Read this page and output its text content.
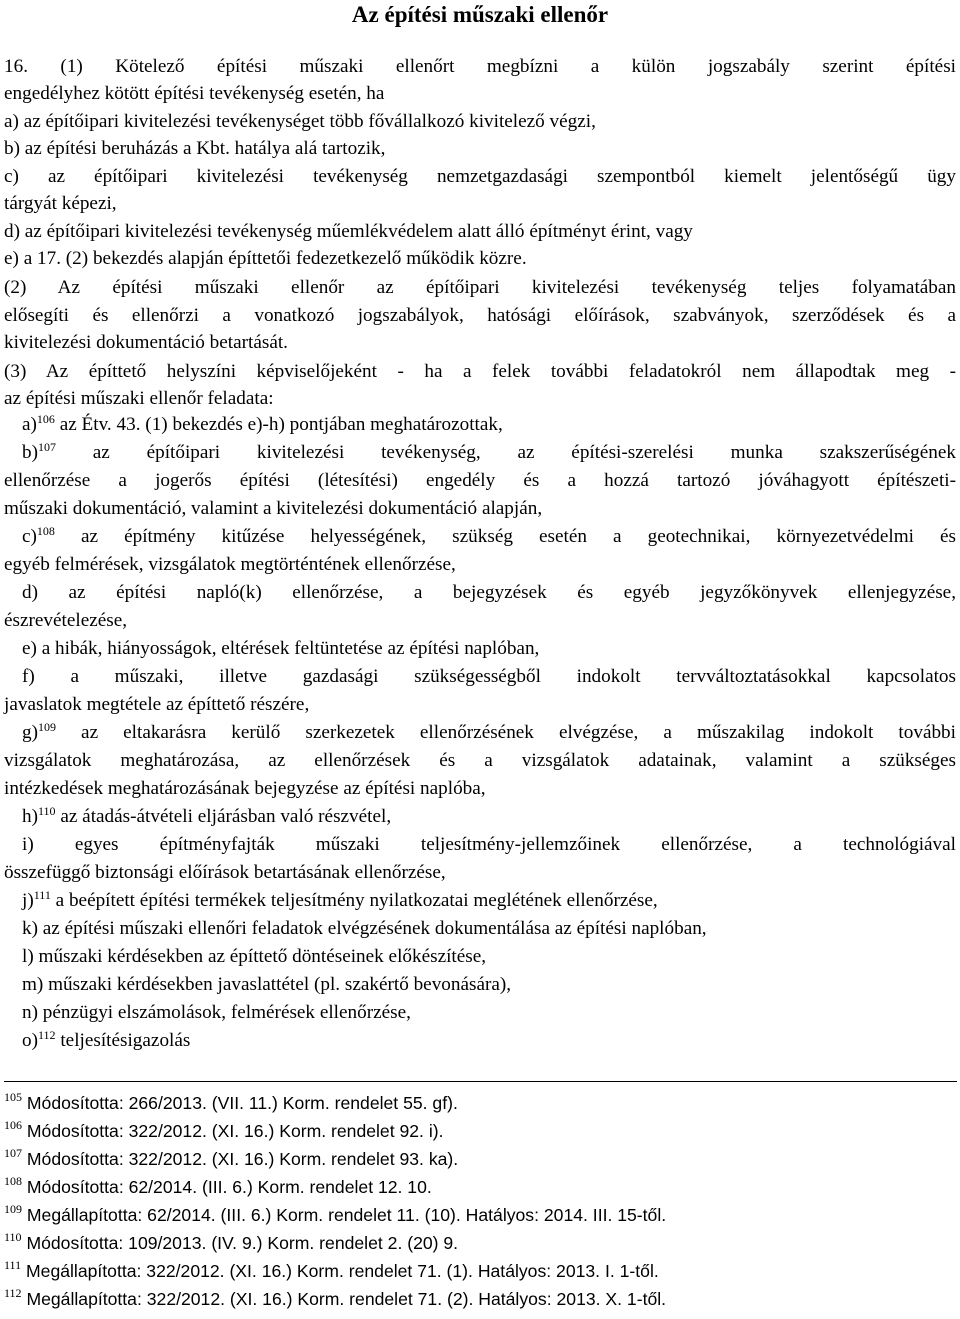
Az építési műszaki ellenőr
16. (1) Kötelező építési műszaki ellenőrt megbízni a külön jogszabály szerint építési
engedélyhez kötött építési tevékenység esetén, ha
a) az építőipari kivitelezési tevékenységet több fővállalkozó kivitelező végzi,
b) az építési beruházás a Kbt. hatálya alá tartozik,
c) az építőipari kivitelezési tevékenység nemzetgazdasági szempontból kiemelt jelentőségű ügy
tárgyát képezi,
d) az építőipari kivitelezési tevékenység műemlékvédelem alatt álló építményt érint, vagy
e) a 17. (2) bekezdés alapján építtetői fedezetkezelő működik közre.
(2) Az építési műszaki ellenőr az építőipari kivitelezési tevékenység teljes folyamatában
elősegíti és ellenőrzi a vonatkozó jogszabályok, hatósági előírások, szabványok, szerződések és a
kivitelezési dokumentáció betartását.
(3) Az építtető helyszíni képviselőjeként - ha a felek további feladatokról nem állapodtak meg -
az építési műszaki ellenőr feladata:
a)$^{106}$ az Étv. 43. (1) bekezdés e)-h) pontjában meghatározottak,
b)$^{107}$ az építőipari kivitelezési tevékenység, az építési-szerelési munka szakszerűségének
ellenőrzése a jogerős építési (létesítési) engedély és a hozzá tartozó jóváhagyott építészeti-
műszaki dokumentáció, valamint a kivitelezési dokumentáció alapján,
c)$^{108}$ az építmény kitűzése helyességének, szükség esetén a geotechnikai, környezetvédelmi és
egyéb felmérések, vizsgálatok megtörténtének ellenőrzése,
d) az építési napló(k) ellenőrzése, a bejegyzések és egyéb jegyzőkönyvek ellenjegyzése,
észrevételezése,
e) a hibák, hiányosságok, eltérések feltüntetése az építési naplóban,
f) a műszaki, illetve gazdasági szükségességből indokolt tervváltoztatásokkal kapcsolatos
javaslatok megtétele az építtető részére,
g)$^{109}$ az eltakarásra kerülő szerkezetek ellenőrzésének elvégzése, a műszakilag indokolt további
vizsgálatok meghatározása, az ellenőrzések és a vizsgálatok adatainak, valamint a szükséges
intézkedések meghatározásának bejegyzése az építési naplóba,
h)$^{110}$ az átadás-átvételi eljárásban való részvétel,
i) egyes építményfajták műszaki teljesítmény-jellemzőinek ellenőrzése, a technológiával
összefüggő biztonsági előírások betartásának ellenőrzése,
j)$^{111}$ a beépített építési termékek teljesítmény nyilatkozatai meglétének ellenőrzése,
k) az építési műszaki ellenőri feladatok elvégzésének dokumentálása az építési naplóban,
l) műszaki kérdésekben az építtető döntéseinek előkészítése,
m) műszaki kérdésekben javaslattétel (pl. szakértő bevonására),
n) pénzügyi elszámolások, felmérések ellenőrzése,
o)$^{112}$ teljesítésigazolás
$^{105}$ Módosította: 266/2013. (VII. 11.) Korm. rendelet 55. gf).
$^{106}$ Módosította: 322/2012. (XI. 16.) Korm. rendelet 92. i).
$^{107}$ Módosította: 322/2012. (XI. 16.) Korm. rendelet 93. ka).
$^{108}$ Módosította: 62/2014. (III. 6.) Korm. rendelet 12. 10.
$^{109}$ Megállapította: 62/2014. (III. 6.) Korm. rendelet 11. (10). Hatályos: 2014. III. 15-től.
$^{110}$ Módosította: 109/2013. (IV. 9.) Korm. rendelet 2. (20) 9.
$^{111}$ Megállapította: 322/2012. (XI. 16.) Korm. rendelet 71. (1). Hatályos: 2013. I. 1-től.
$^{112}$ Megállapította: 322/2012. (XI. 16.) Korm. rendelet 71. (2). Hatályos: 2013. X. 1-től.
